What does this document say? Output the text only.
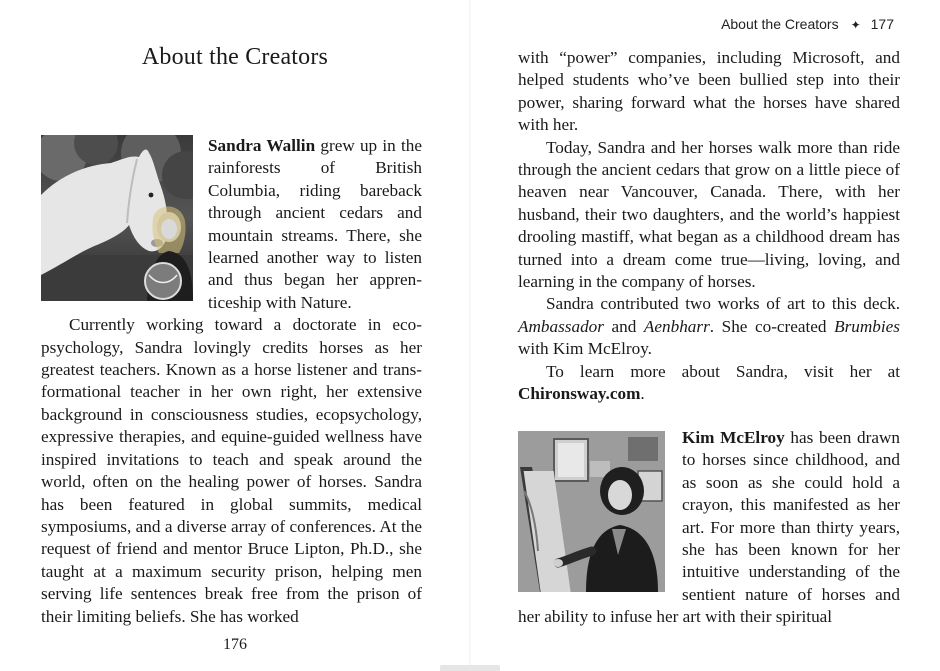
About the Creators

Sandra Wallin grew up in the rainforests of British Columbia, riding bareback through ancient cedars and mountain streams. There, she learned another way to listen and thus began her apprenticeship with Nature.

Currently working toward a doctorate in ecopsychology, Sandra lovingly credits horses as her greatest teachers. Known as a horse listener and transformational teacher in her own right, her extensive background in consciousness studies, ecopsychology, expressive therapies, and equine-guided wellness have inspired invitations to teach and speak around the world, often on the healing power of horses. Sandra has been featured in global summits, medical symposiums, and a diverse array of conferences. At the request of friend and mentor Bruce Lipton, Ph.D., she taught at a maximum security prison, helping men serving life sentences break free from the prison of their limiting beliefs. She has worked

176
About the Creators ✦ 177

with “power” companies, including Microsoft, and helped students who’ve been bullied step into their power, sharing forward what the horses have shared with her.

Today, Sandra and her horses walk more than ride through the ancient cedars that grow on a little piece of heaven near Vancouver, Canada. There, with her husband, their two daughters, and the world’s happiest drooling mastiff, what began as a childhood dream has turned into a dream come true—living, loving, and learning in the company of horses.

Sandra contributed two works of art to this deck. Ambassador and Aenbharr. She co-created Brumbies with Kim McElroy.

To learn more about Sandra, visit her at Chironsway.com.

Kim McElroy has been drawn to horses since childhood, and as soon as she could hold a crayon, this manifested as her art. For more than thirty years, she has been known for her intuitive understanding of the sentient nature of horses and her ability to infuse her art with their spiritual
